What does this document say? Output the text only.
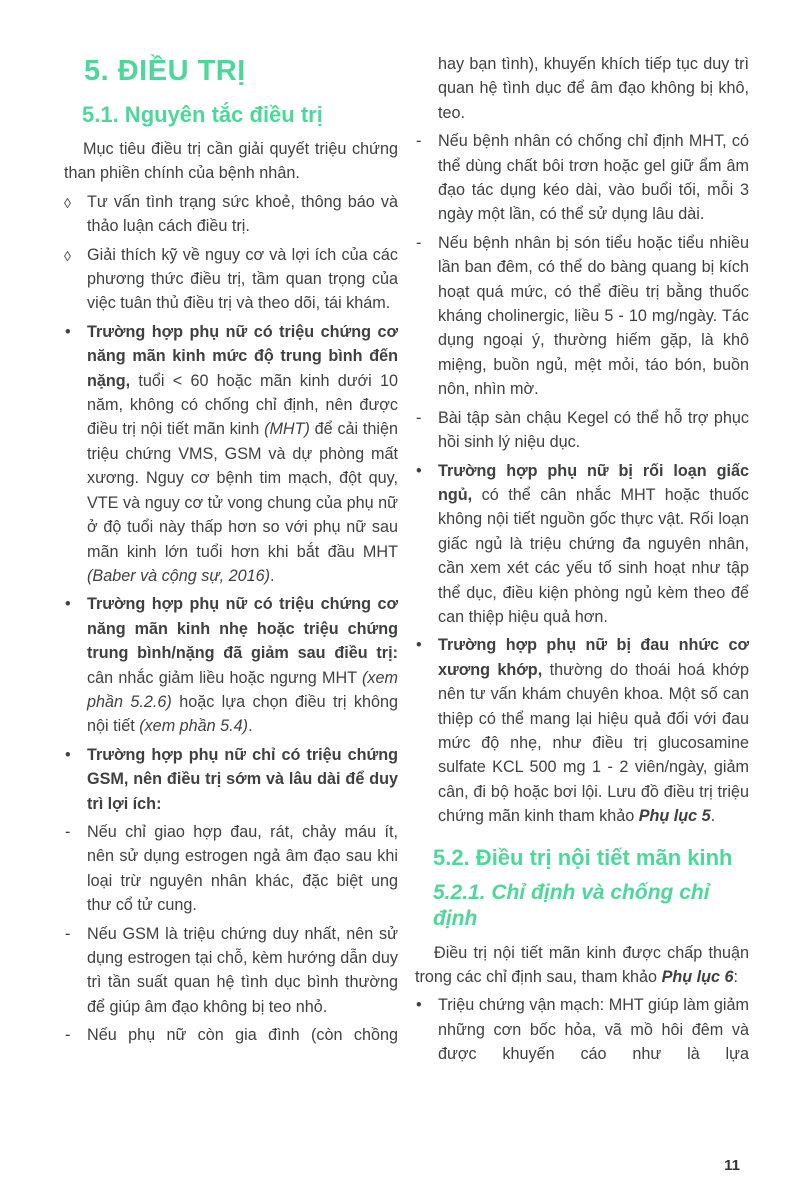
5. ĐIỀU TRỊ
5.1. Nguyên tắc điều trị
Mục tiêu điều trị cần giải quyết triệu chứng than phiền chính của bệnh nhân.
◊ Tư vấn tình trạng sức khoẻ, thông báo và thảo luận cách điều trị.
◊ Giải thích kỹ về nguy cơ và lợi ích của các phương thức điều trị, tầm quan trọng của việc tuân thủ điều trị và theo dõi, tái khám.
• Trường hợp phụ nữ có triệu chứng cơ năng mãn kinh mức độ trung bình đến nặng, tuổi < 60 hoặc mãn kinh dưới 10 năm, không có chống chỉ định, nên được điều trị nội tiết mãn kinh (MHT) để cải thiện triệu chứng VMS, GSM và dự phòng mất xương. Nguy cơ bệnh tim mạch, đột quy, VTE và nguy cơ tử vong chung của phụ nữ ở độ tuổi này thấp hơn so với phụ nữ sau mãn kinh lớn tuổi hơn khi bắt đầu MHT (Baber và cộng sự, 2016).
• Trường hợp phụ nữ có triệu chứng cơ năng mãn kinh nhẹ hoặc triệu chứng trung bình/nặng đã giảm sau điều trị: cân nhắc giảm liều hoặc ngưng MHT (xem phần 5.2.6) hoặc lựa chọn điều trị không nội tiết (xem phần 5.4).
• Trường hợp phụ nữ chỉ có triệu chứng GSM, nên điều trị sớm và lâu dài để duy trì lợi ích:
- Nếu chỉ giao hợp đau, rát, chảy máu ít, nên sử dụng estrogen ngả âm đạo sau khi loại trừ nguyên nhân khác, đặc biệt ung thư cổ tử cung.
- Nếu GSM là triệu chứng duy nhất, nên sử dụng estrogen tại chỗ, kèm hướng dẫn duy trì tần suất quan hệ tình dục bình thường để giúp âm đạo không bị teo nhỏ.
- Nếu phụ nữ còn gia đình (còn chồng
hay bạn tình), khuyến khích tiếp tục duy trì quan hệ tình dục để âm đạo không bị khô, teo.
- Nếu bệnh nhân có chống chỉ định MHT, có thể dùng chất bôi trơn hoặc gel giữ ẩm âm đạo tác dụng kéo dài, vào buổi tối, mỗi 3 ngày một lần, có thể sử dụng lâu dài.
- Nếu bệnh nhân bị són tiểu hoặc tiểu nhiều lần ban đêm, có thể do bàng quang bị kích hoạt quá mức, có thể điều trị bằng thuốc kháng cholinergic, liều 5 - 10 mg/ngày. Tác dụng ngoại ý, thường hiếm gặp, là khô miệng, buồn ngủ, mệt mỏi, táo bón, buồn nôn, nhìn mờ.
- Bài tập sàn chậu Kegel có thể hỗ trợ phục hồi sinh lý niệu dục.
• Trường hợp phụ nữ bị rối loạn giấc ngủ, có thể cân nhắc MHT hoặc thuốc không nội tiết nguồn gốc thực vật. Rối loạn giấc ngủ là triệu chứng đa nguyên nhân, cần xem xét các yếu tố sinh hoạt như tập thể dục, điều kiện phòng ngủ kèm theo để can thiệp hiệu quả hơn.
• Trường hợp phụ nữ bị đau nhức cơ xương khớp, thường do thoái hoá khớp nên tư vấn khám chuyên khoa. Một số can thiệp có thể mang lại hiệu quả đối với đau mức độ nhẹ, như điều trị glucosamine sulfate KCL 500 mg 1 - 2 viên/ngày, giảm cân, đi bộ hoặc bơi lội. Lưu đồ điều trị triệu chứng mãn kinh tham khảo Phụ lục 5.
5.2. Điều trị nội tiết mãn kinh
5.2.1. Chỉ định và chống chỉ định
Điều trị nội tiết mãn kinh được chấp thuận trong các chỉ định sau, tham khảo Phụ lục 6:
• Triệu chứng vận mạch: MHT giúp làm giảm những cơn bốc hỏa, vã mồ hôi đêm và được khuyến cáo như là lựa
11
